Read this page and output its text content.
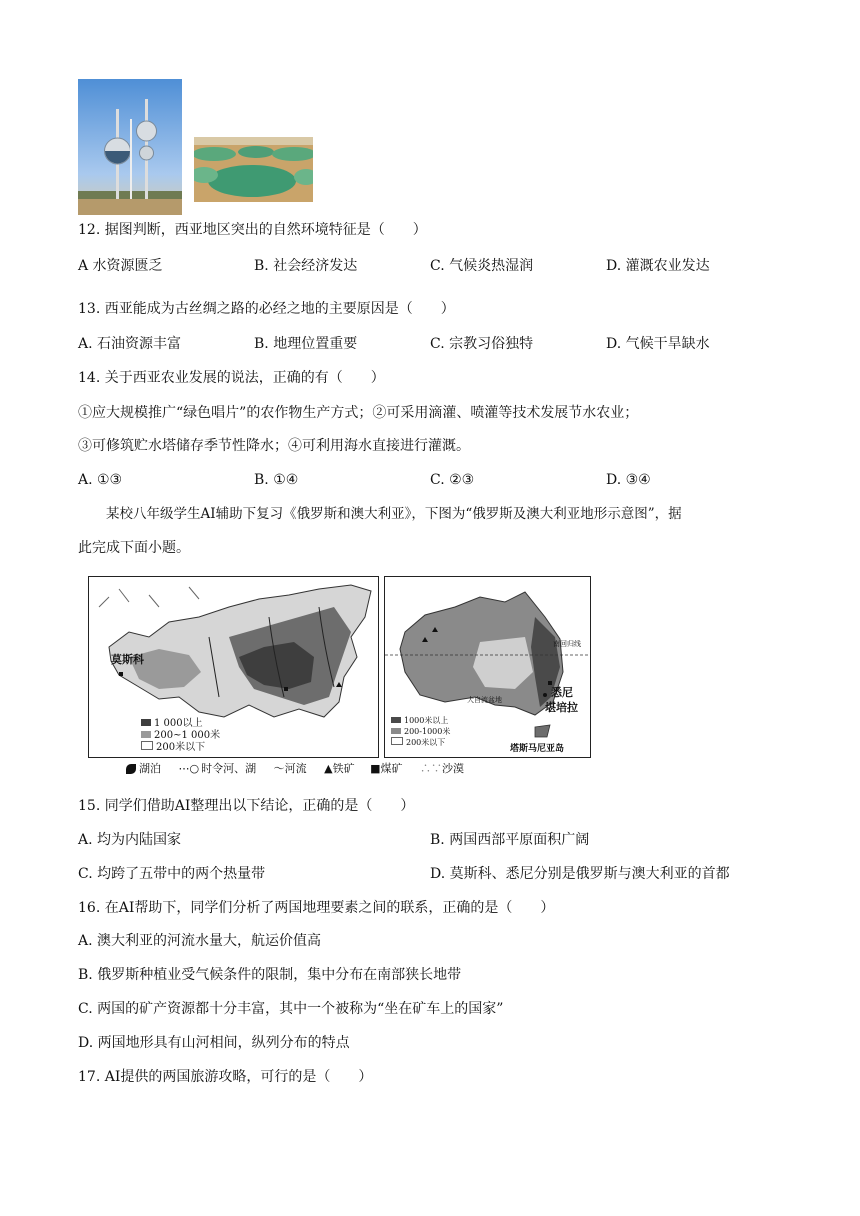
12. 据图判断，西亚地区突出的自然环境特征是（　　）
A 水资源匮乏	B. 社会经济发达	C. 气候炎热湿润	D. 灌溉农业发达
13. 西亚能成为古丝绸之路的必经之地的主要原因是（　　）
A. 石油资源丰富	B. 地理位置重要	C. 宗教习俗独特	D. 气候干旱缺水
14. 关于西亚农业发展的说法，正确的有（　　）
①应大规模推广“绿色唱片”的农作物生产方式；②可采用滴灌、喷灌等技术发展节水农业；
③可修筑贮水塔储存季节性降水；④可利用海水直接进行灌溉。
A. ①③	B. ①④	C. ②③	D. ③④
某校八年级学生AI辅助下复习《俄罗斯和澳大利亚》，下图为“俄罗斯及澳大利亚地形示意图”，据
此完成下面小题。
莫斯科
1 000以上
200~1 000米
200米以下
南回归线
悉尼
堪培拉
大自流盆地
塔斯马尼亚岛
1000米以上
200-1000米
200米以下
湖泊 ⋯○ 时令河、湖 〜河流 ▲铁矿 ■煤矿 ∴∵沙漠
15. 同学们借助AI整理出以下结论，正确的是（　　）
A. 均为内陆国家	B. 两国西部平原面积广阔
C. 均跨了五带中的两个热量带	D. 莫斯科、悉尼分别是俄罗斯与澳大利亚的首都
16. 在AI帮助下，同学们分析了两国地理要素之间的联系，正确的是（　　）
A. 澳大利亚的河流水量大，航运价值高
B. 俄罗斯种植业受气候条件的限制，集中分布在南部狭长地带
C. 两国的矿产资源都十分丰富，其中一个被称为“坐在矿车上的国家”
D. 两国地形具有山河相间，纵列分布的特点
17. AI提供的两国旅游攻略，可行的是（　　）
